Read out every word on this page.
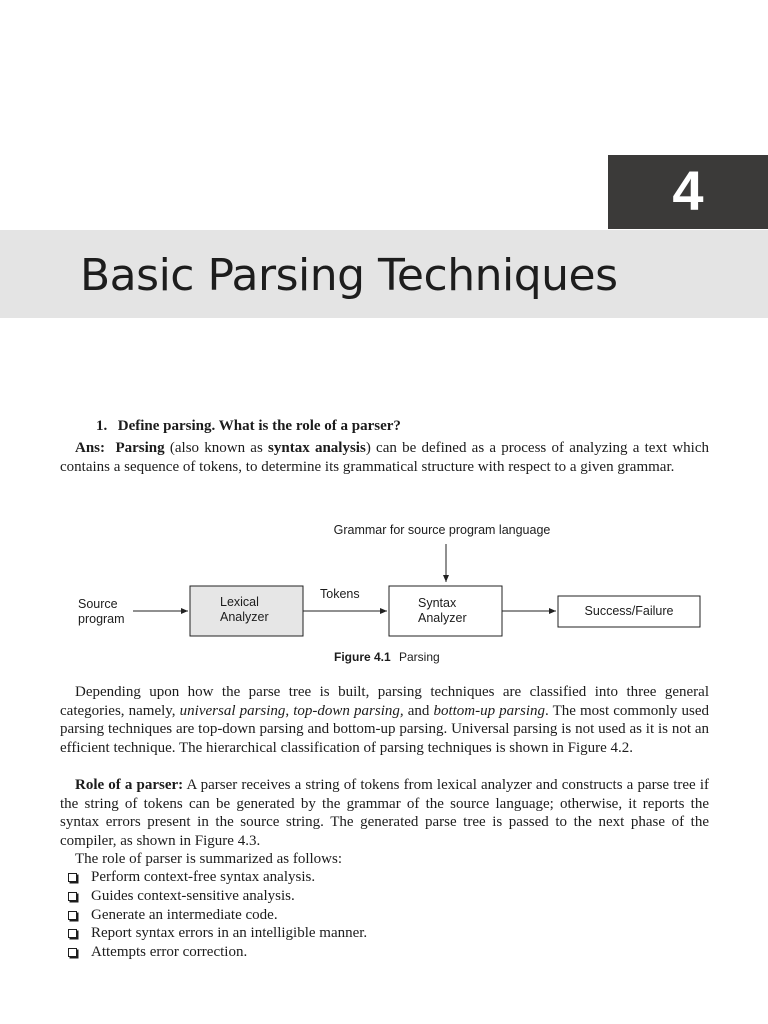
4
Basic Parsing Techniques

1. Define parsing. What is the role of a parser?

Ans: Parsing (also known as syntax analysis) can be defined as a process of analyzing a text which contains a sequence of tokens, to determine its grammatical structure with respect to a given grammar.

Grammar for source program language
Source
program
Lexical
Analyzer
Tokens
Syntax
Analyzer	Success/Failure
Figure 4.1 Parsing

Depending upon how the parse tree is built, parsing techniques are classified into three general categories, namely, universal parsing, top-down parsing, and bottom-up parsing. The most commonly used parsing techniques are top-down parsing and bottom-up parsing. Universal parsing is not used as it is not an efficient technique. The hierarchical classification of parsing techniques is shown in Figure 4.2.

Role of a parser: A parser receives a string of tokens from lexical analyzer and constructs a parse tree if the string of tokens can be generated by the grammar of the source language; otherwise, it reports the syntax errors present in the source string. The generated parse tree is passed to the next phase of the compiler, as shown in Figure 4.3.

The role of parser is summarized as follows:

Perform context-free syntax analysis.
Guides context-sensitive analysis.
Generate an intermediate code.
Report syntax errors in an intelligible manner.
Attempts error correction.
